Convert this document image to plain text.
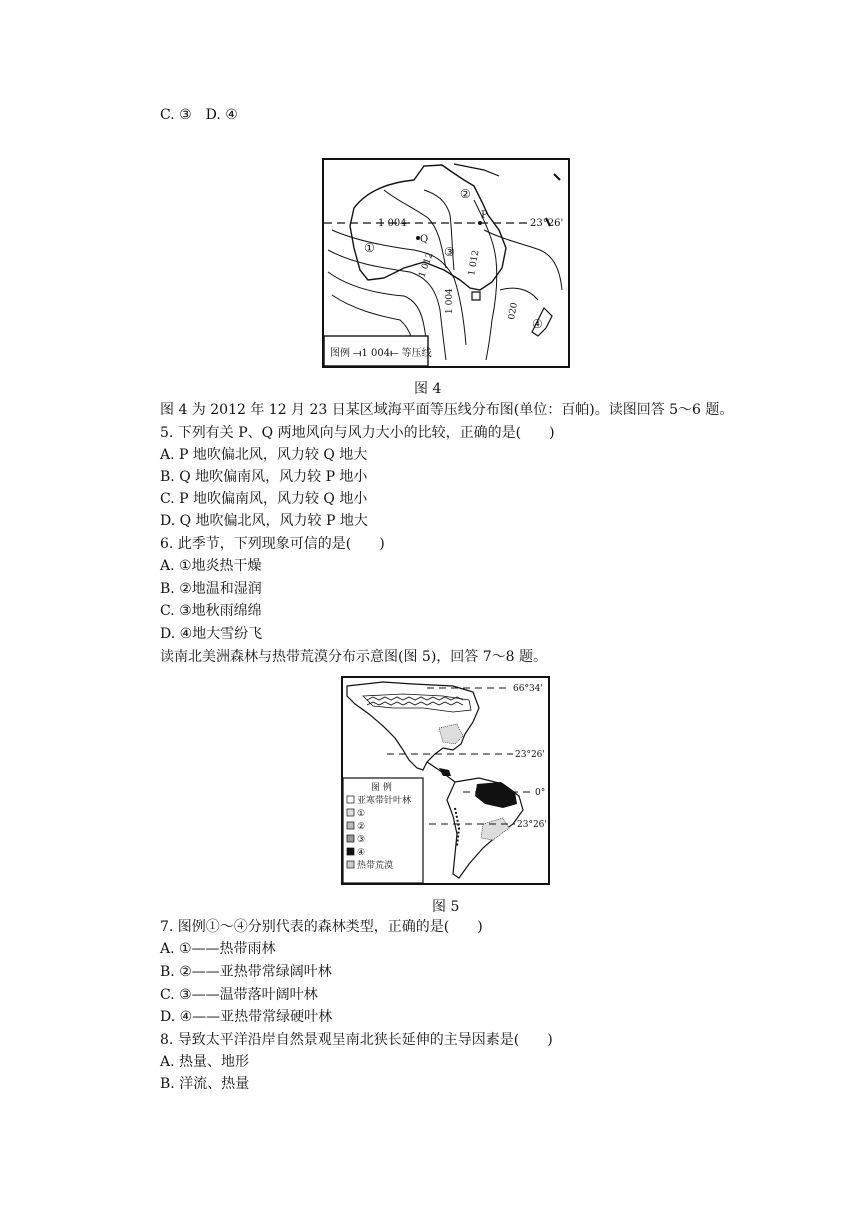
C. ③　D. ④
23°26'
1 004
1 012	1 012
1 004	020
P
Q
①
②
③
④
图例 ⟞1 004⟝ 等压线
图 4
图 4 为 2012 年 12 月 23 日某区域海平面等压线分布图(单位：百帕)。读图回答 5～6 题。
5. 下列有关 P、Q 两地风向与风力大小的比较，正确的是(　　)
A. P 地吹偏北风，风力较 Q 地大
B. Q 地吹偏南风，风力较 P 地小
C. P 地吹偏南风，风力较 Q 地小
D. Q 地吹偏北风，风力较 P 地大
6. 此季节，下列现象可信的是(　　)
A. ①地炎热干燥
B. ②地温和湿润
C. ③地秋雨绵绵
D. ④地大雪纷飞
读南北美洲森林与热带荒漠分布示意图(图 5)，回答 7～8 题。
66°34'
23°26'
0°
23°26'
图 例
亚寒带针叶林
①
②
③
④
热带荒漠
图 5
7. 图例①～④分别代表的森林类型，正确的是(　　)
A. ①——热带雨林
B. ②——亚热带常绿阔叶林
C. ③——温带落叶阔叶林
D. ④——亚热带常绿硬叶林
8. 导致太平洋沿岸自然景观呈南北狭长延伸的主导因素是(　　)
A. 热量、地形
B. 洋流、热量
